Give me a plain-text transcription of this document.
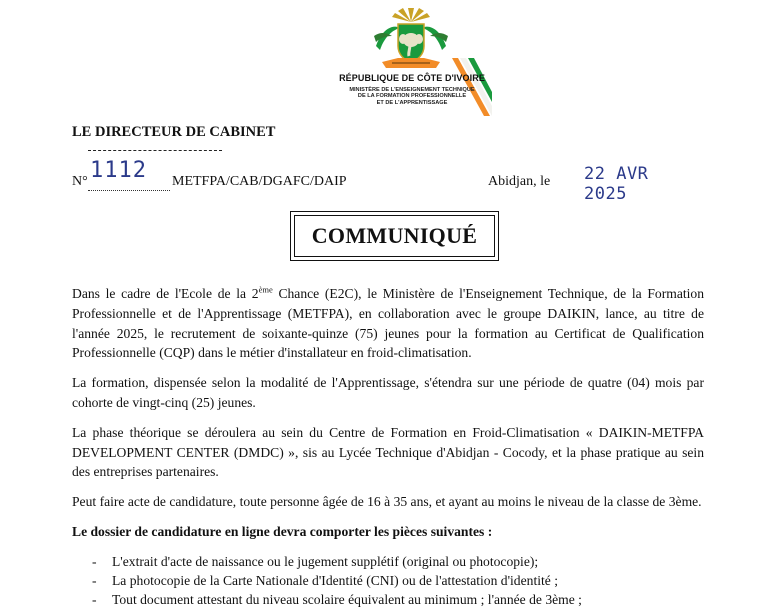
RÉPUBLIQUE DE CÔTE D'IVOIRE
MINISTÈRE DE L'ENSEIGNEMENT TECHNIQUE
DE LA FORMATION PROFESSIONNELLE
ET DE L'APPRENTISSAGE
LE DIRECTEUR DE CABINET
N° 1112 METFPA/CAB/DGAFC/DAIP	Abidjan, le 22 AVR 2025
COMMUNIQUÉ

Dans le cadre de l'Ecole de la 2ème Chance (E2C), le Ministère de l'Enseignement Technique, de la Formation Professionnelle et de l'Apprentissage (METFPA), en collaboration avec le groupe DAIKIN, lance, au titre de l'année 2025, le recrutement de soixante-quinze (75) jeunes pour la formation au Certificat de Qualification Professionnelle (CQP) dans le métier d'installateur en froid-climatisation.

La formation, dispensée selon la modalité de l'Apprentissage, s'étendra sur une période de quatre (04) mois par cohorte de vingt-cinq (25) jeunes.

La phase théorique se déroulera au sein du Centre de Formation en Froid-Climatisation « DAIKIN-METFPA DEVELOPMENT CENTER (DMDC) », sis au Lycée Technique d'Abidjan - Cocody, et la phase pratique au sein des entreprises partenaires.

Peut faire acte de candidature, toute personne âgée de 16 à 35 ans, et ayant au moins le niveau de la classe de 3ème.

Le dossier de candidature en ligne devra comporter les pièces suivantes :

- L'extrait d'acte de naissance ou le jugement supplétif (original ou photocopie);
- La photocopie de la Carte Nationale d'Identité (CNI) ou de l'attestation d'identité ;
- Tout document attestant du niveau scolaire équivalent au minimum ; l'année de 3ème ;
